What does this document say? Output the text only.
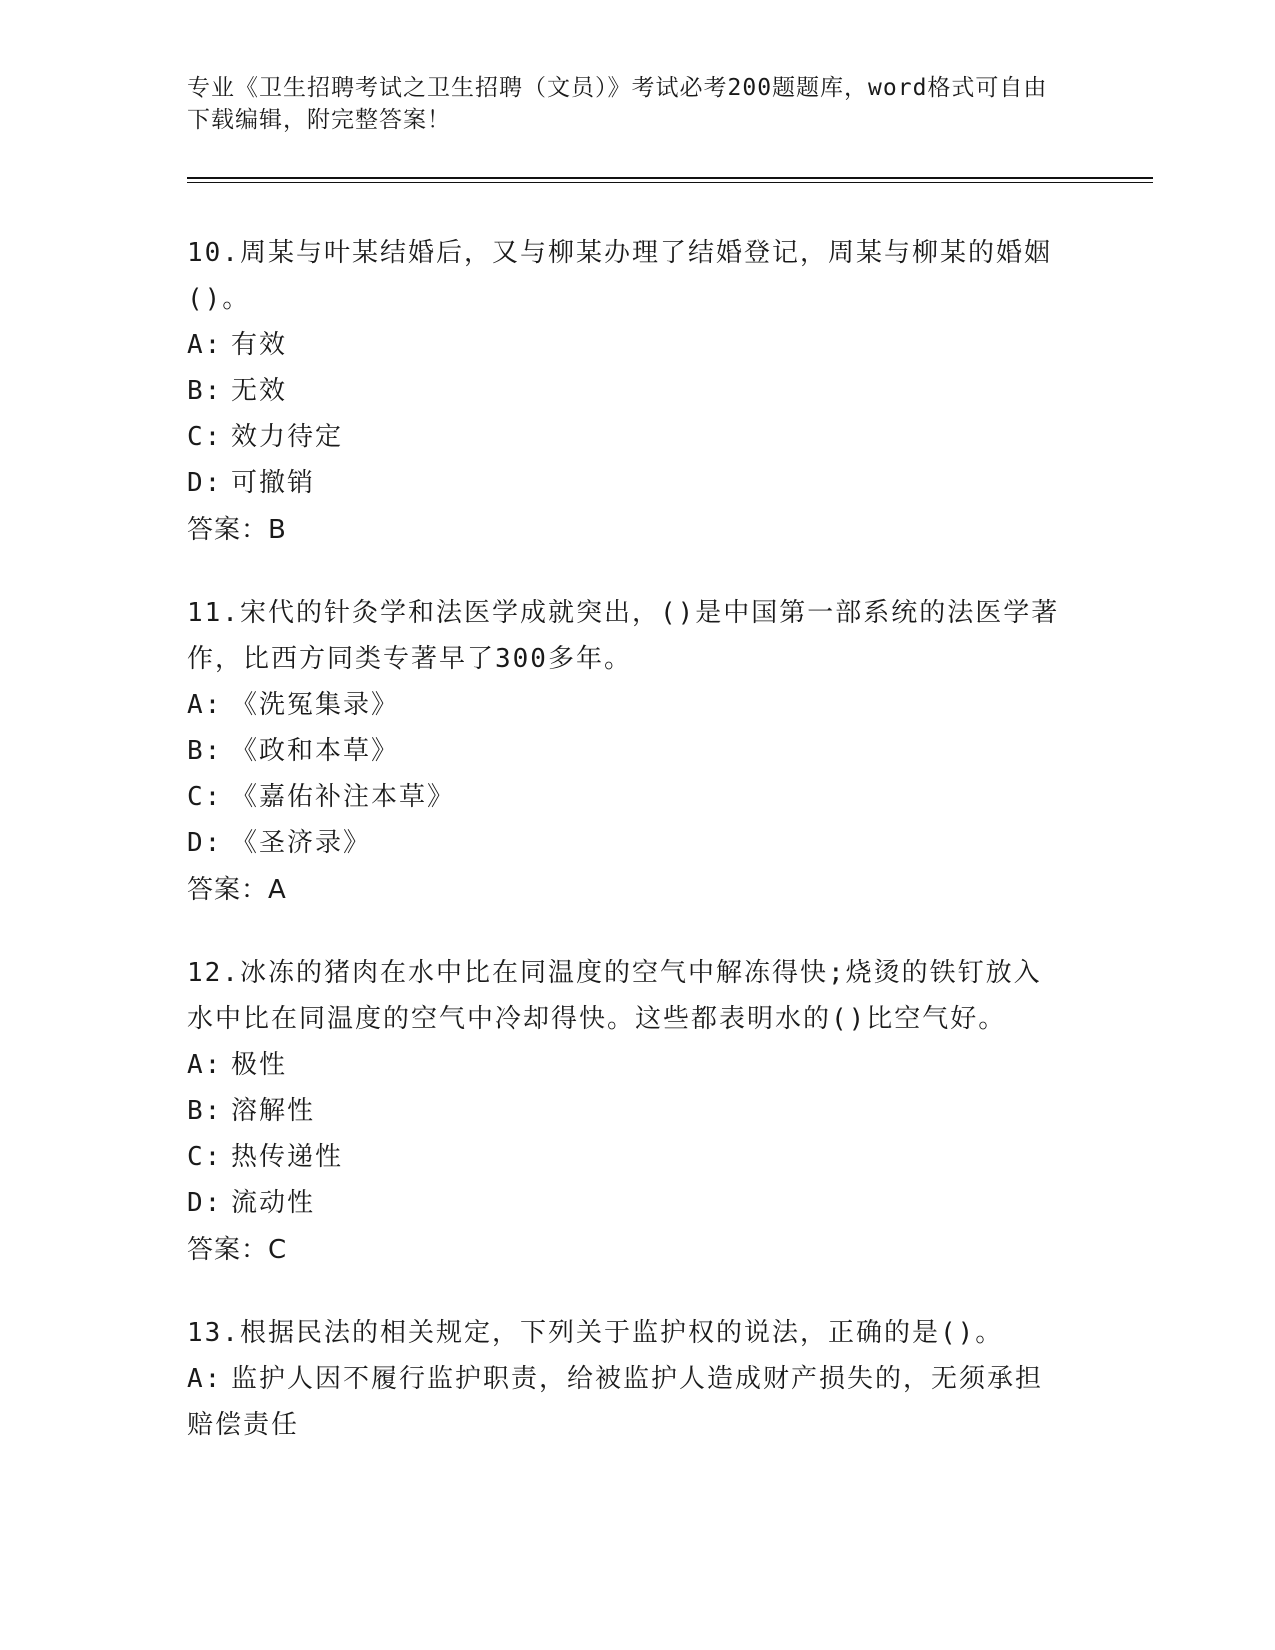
专业《卫生招聘考试之卫生招聘（文员）》考试必考200题题库，word格式可自由下载编辑，附完整答案！

10.周某与叶某结婚后，又与柳某办理了结婚登记，周某与柳某的婚姻()。

A: 有效

B: 无效

C: 效力待定

D: 可撤销

答案：B

11.宋代的针灸学和法医学成就突出，()是中国第一部系统的法医学著作，比西方同类专著早了300多年。

A: 《洗冤集录》

B: 《政和本草》

C: 《嘉佑补注本草》

D: 《圣济录》

答案：A

12.冰冻的猪肉在水中比在同温度的空气中解冻得快;烧烫的铁钉放入水中比在同温度的空气中冷却得快。这些都表明水的()比空气好。

A: 极性

B: 溶解性

C: 热传递性

D: 流动性

答案：C

13.根据民法的相关规定，下列关于监护权的说法，正确的是()。

A: 监护人因不履行监护职责，给被监护人造成财产损失的，无须承担赔偿责任
